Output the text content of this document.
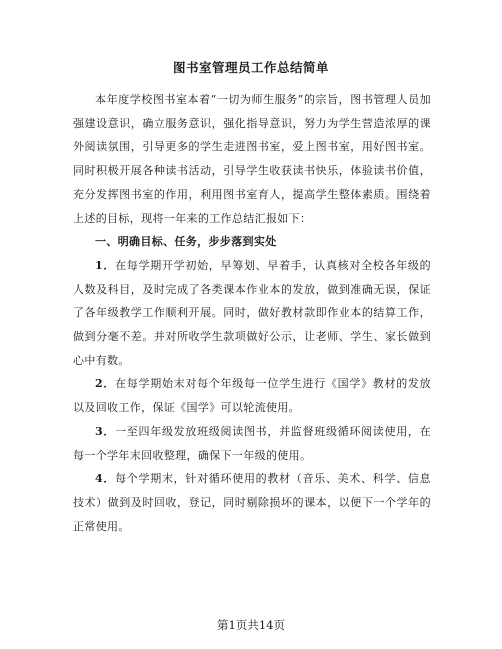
图书室管理员工作总结简单

本年度学校图书室本着“一切为师生服务”的宗旨，图书管理人员加强建设意识，确立服务意识，强化指导意识，努力为学生营造浓厚的课外阅读氛围，引导更多的学生走进图书室，爱上图书室，用好图书室。同时积极开展各种读书活动，引导学生收获读书快乐，体验读书价值，充分发挥图书室的作用，利用图书室育人，提高学生整体素质。围绕着上述的目标，现将一年来的工作总结汇报如下：

一、明确目标、任务，步步落到实处

1．在每学期开学初始，早筹划、早着手，认真核对全校各年级的人数及科目，及时完成了各类课本作业本的发放，做到准确无误，保证了各年级教学工作顺利开展。同时，做好教材款即作业本的结算工作，做到分毫不差。并对所收学生款项做好公示，让老师、学生、家长做到心中有数。

2．在每学期始末对每个年级每一位学生进行《国学》教材的发放以及回收工作，保证《国学》可以轮流使用。

3．一至四年级发放班级阅读图书，并监督班级循环阅读使用，在每一个学年末回收整理，确保下一年级的使用。

4．每个学期末，针对循环使用的教材（音乐、美术、科学、信息技术）做到及时回收，登记，同时剔除损坏的课本，以便下一个学年的正常使用。

第1页共14页
